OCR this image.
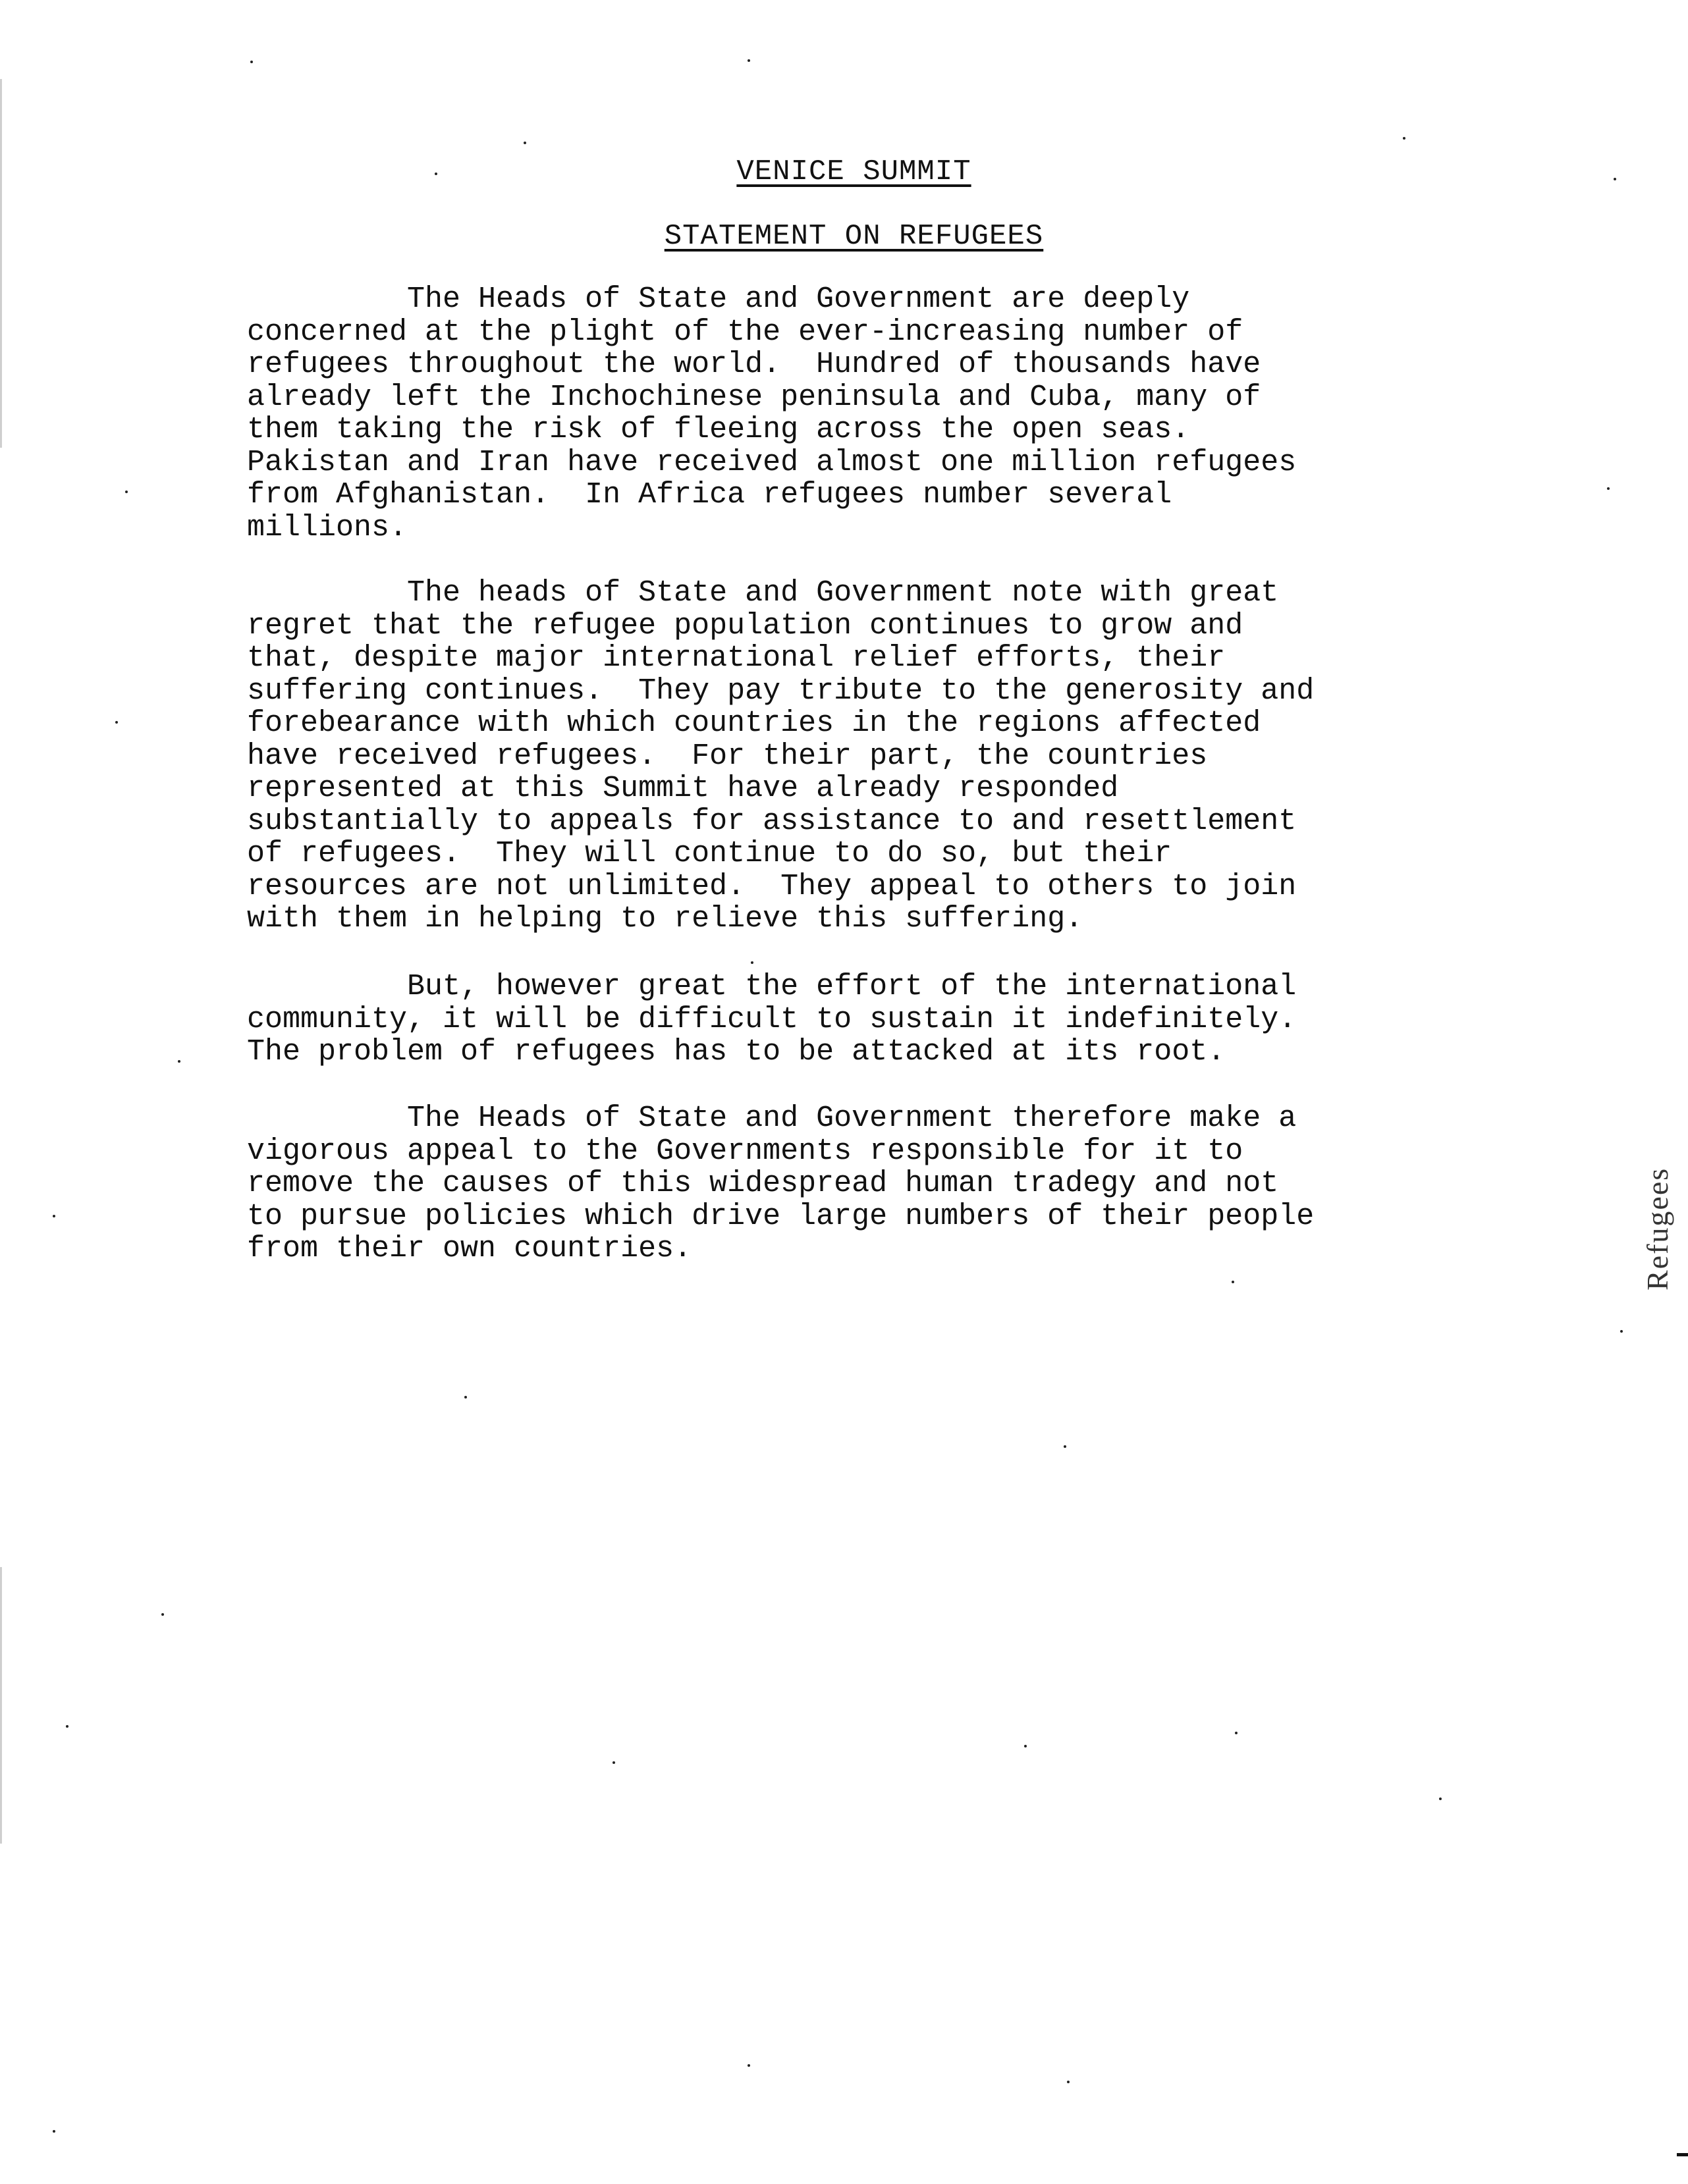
VENICE SUMMIT
STATEMENT ON REFUGEES

The Heads of State and Government are deeply
concerned at the plight of the ever-increasing number of
refugees throughout the world.  Hundred of thousands have
already left the Inchochinese peninsula and Cuba, many of
them taking the risk of fleeing across the open seas.
Pakistan and Iran have received almost one million refugees
from Afghanistan.  In Africa refugees number several
millions.

The heads of State and Government note with great
regret that the refugee population continues to grow and
that, despite major international relief efforts, their
suffering continues.  They pay tribute to the generosity and
forebearance with which countries in the regions affected
have received refugees.  For their part, the countries
represented at this Summit have already responded
substantially to appeals for assistance to and resettlement
of refugees.  They will continue to do so, but their
resources are not unlimited.  They appeal to others to join
with them in helping to relieve this suffering.

But, however great the effort of the international
community, it will be difficult to sustain it indefinitely.
The problem of refugees has to be attacked at its root.

The Heads of State and Government therefore make a
vigorous appeal to the Governments responsible for it to
remove the causes of this widespread human tradegy and not
to pursue policies which drive large numbers of their people
from their own countries.	Refugees
